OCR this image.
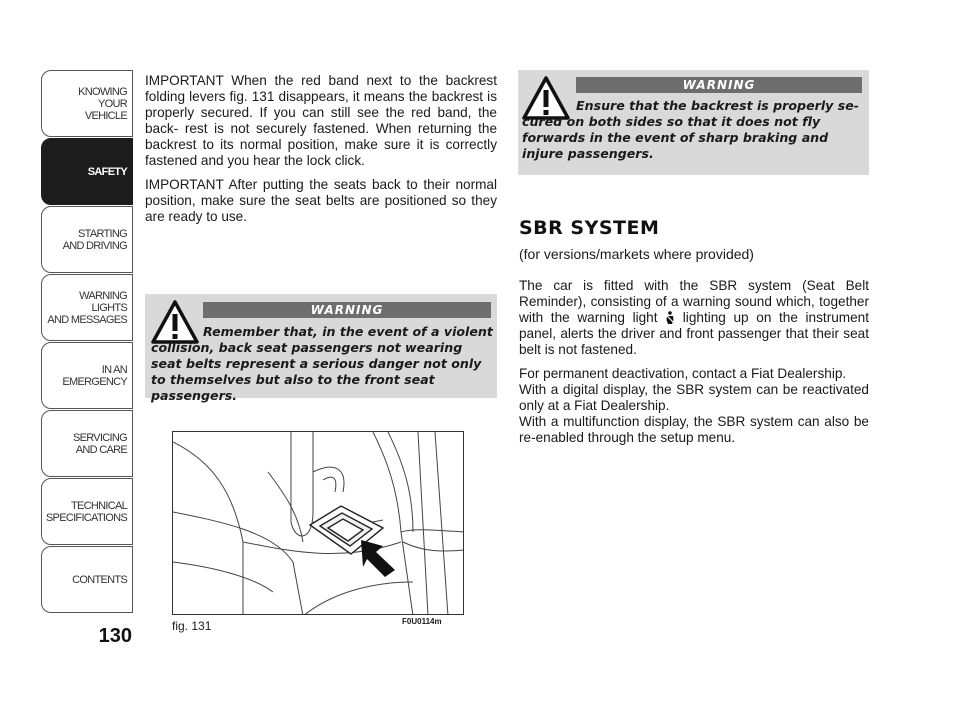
KNOWING
YOUR
VEHICLE
SAFETY
STARTING
AND DRIVING
WARNING LIGHTS
AND MESSAGES
IN AN
EMERGENCY
SERVICING
AND CARE
TECHNICAL
SPECIFICATIONS
CONTENTS
130

IMPORTANT When the red band next to the backrest folding levers fig. 131 disappears, it means the backrest is properly secured. If you can still see the red band, the back- rest is not securely fastened. When returning the backrest to its normal position, make sure it is correctly fastened and you hear the lock click.

IMPORTANT After putting the seats back to their normal position, make sure the seat belts are positioned so they are ready to use.

WARNING
Remember that, in the event of a violent collision, back seat passengers not wearing seat belts represent a serious danger not only to themselves but also to the front seat passengers.
fig. 131	F0U0114m
WARNING
Ensure that the backrest is properly se- cured on both sides so that it does not fly forwards in the event of sharp braking and injure passengers.
SBR SYSTEM
(for versions/markets where provided)

The car is fitted with the SBR system (Seat Belt Reminder), consisting of a warning sound which, together with the warning light  lighting up on the instrument panel, alerts the driver and front passenger that their seat belt is not fastened.

For permanent deactivation, contact a Fiat Dealership.

With a digital display, the SBR system can be reactivated only at a Fiat Dealership.

With a multifunction display, the SBR system can also be re-enabled through the setup menu.
